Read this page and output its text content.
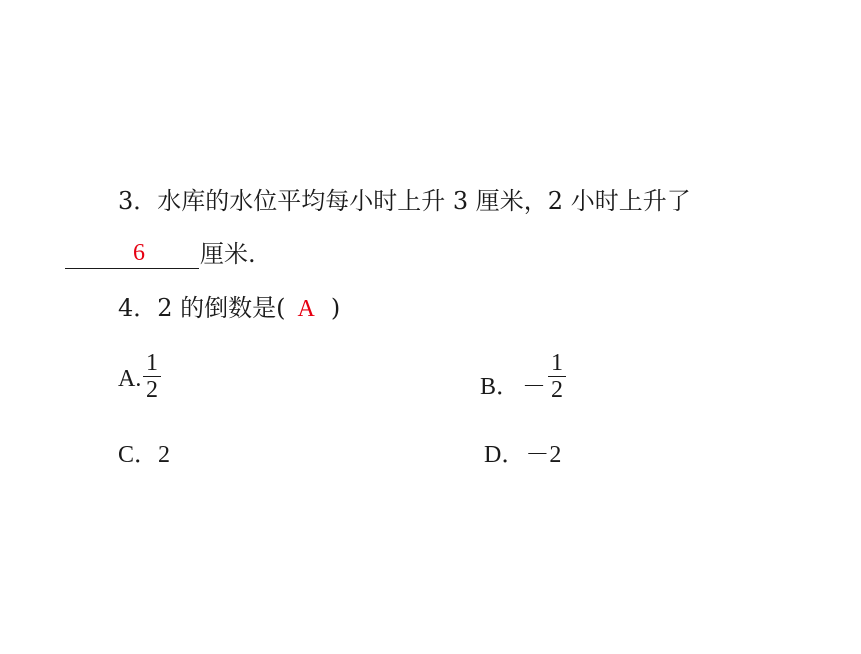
3．水库的水位平均每小时上升 3 厘米，2 小时上升了
6 厘米.
4．2 的倒数是( A )
A.
1
2	B． －
1
2
C．2	D．－2
